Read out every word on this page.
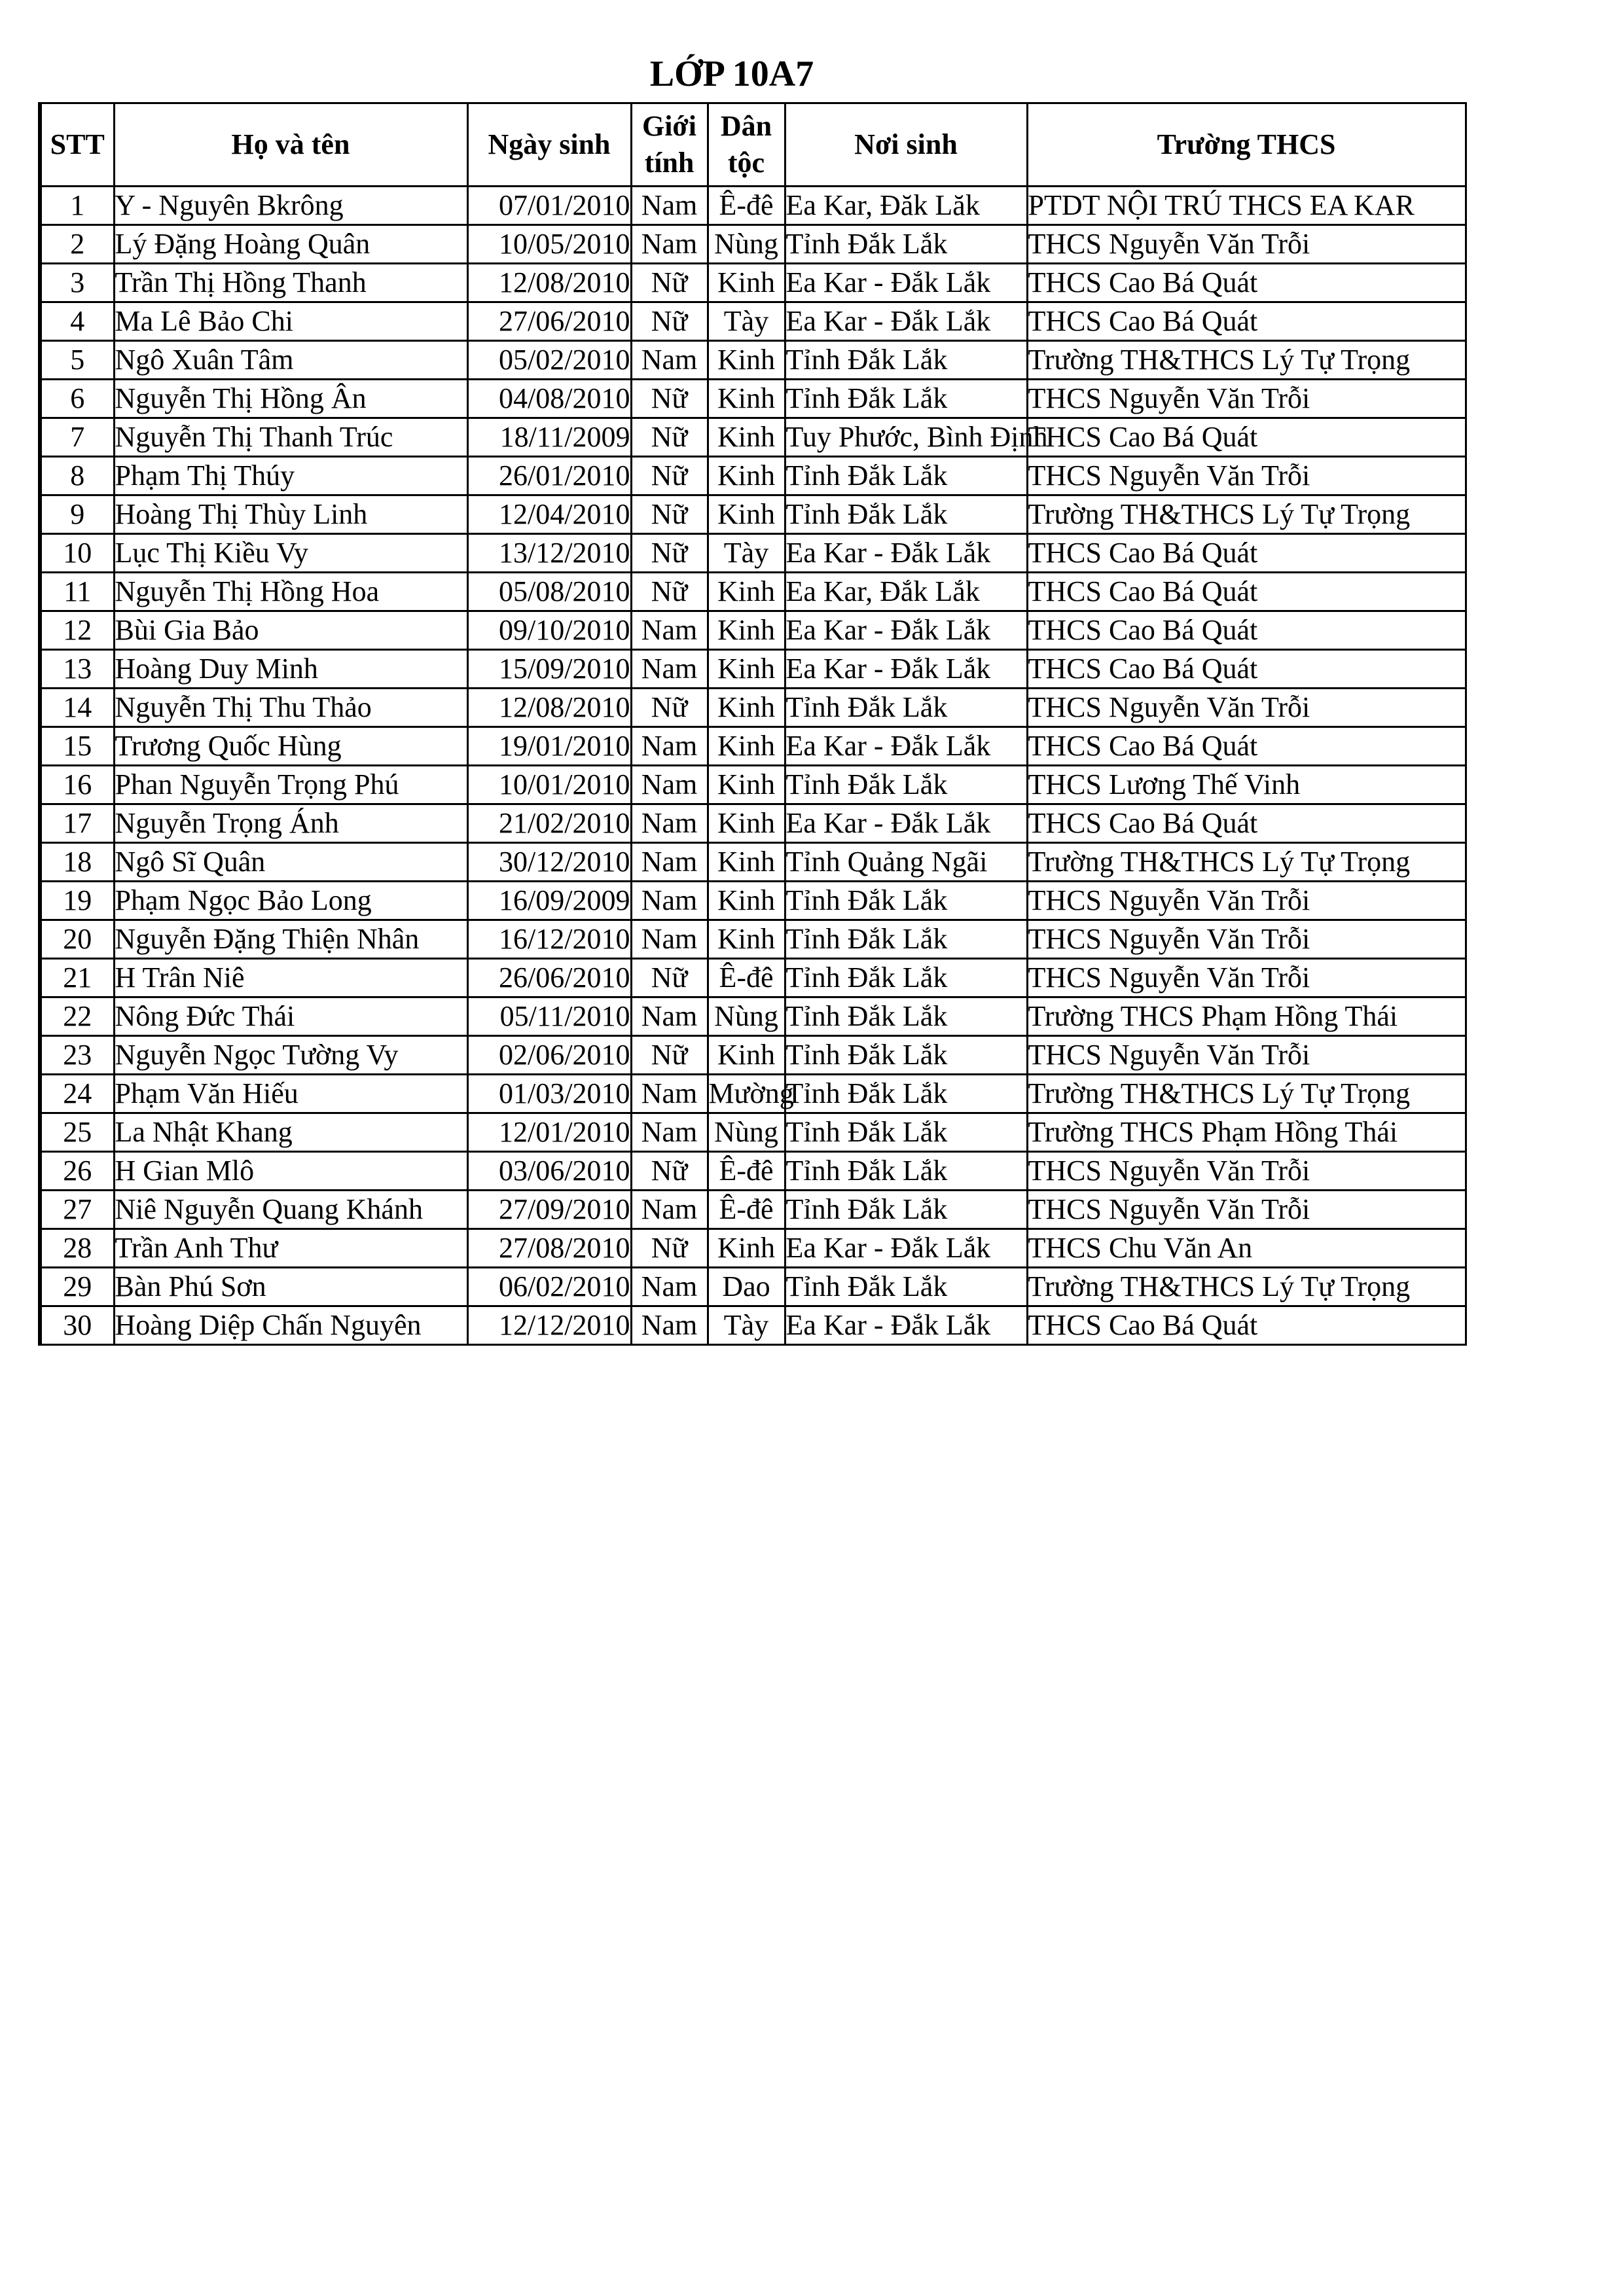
LỚP 10A7
STT	Họ và tên	Ngày sinh	Giới tính	Dân tộc	Nơi sinh	Trường THCS
1	Y - Nguyên Bkrông	07/01/2010	Nam	Ê-đê	Ea Kar, Đăk Lăk	PTDT NỘI TRÚ THCS EA KAR
2	Lý Đặng Hoàng Quân	10/05/2010	Nam	Nùng	Tỉnh Đắk Lắk	THCS Nguyễn Văn Trỗi
3	Trần Thị Hồng Thanh	12/08/2010	Nữ	Kinh	Ea Kar - Đắk Lắk	THCS Cao Bá Quát
4	Ma Lê Bảo Chi	27/06/2010	Nữ	Tày	Ea Kar - Đắk Lắk	THCS Cao Bá Quát
5	Ngô Xuân Tâm	05/02/2010	Nam	Kinh	Tỉnh Đắk Lắk	Trường TH&THCS Lý Tự Trọng
6	Nguyễn Thị Hồng Ân	04/08/2010	Nữ	Kinh	Tỉnh Đắk Lắk	THCS Nguyễn Văn Trỗi
7	Nguyễn Thị Thanh Trúc	18/11/2009	Nữ	Kinh	Tuy Phước, Bình Định	THCS Cao Bá Quát
8	Phạm Thị Thúy	26/01/2010	Nữ	Kinh	Tỉnh Đắk Lắk	THCS Nguyễn Văn Trỗi
9	Hoàng Thị Thùy Linh	12/04/2010	Nữ	Kinh	Tỉnh Đắk Lắk	Trường TH&THCS Lý Tự Trọng
10	Lục Thị Kiều Vy	13/12/2010	Nữ	Tày	Ea Kar - Đắk Lắk	THCS Cao Bá Quát
11	Nguyễn Thị Hồng Hoa	05/08/2010	Nữ	Kinh	Ea Kar, Đắk Lắk	THCS Cao Bá Quát
12	Bùi Gia Bảo	09/10/2010	Nam	Kinh	Ea Kar - Đắk Lắk	THCS Cao Bá Quát
13	Hoàng Duy Minh	15/09/2010	Nam	Kinh	Ea Kar - Đắk Lắk	THCS Cao Bá Quát
14	Nguyễn Thị Thu Thảo	12/08/2010	Nữ	Kinh	Tỉnh Đắk Lắk	THCS Nguyễn Văn Trỗi
15	Trương Quốc Hùng	19/01/2010	Nam	Kinh	Ea Kar - Đắk Lắk	THCS Cao Bá Quát
16	Phan Nguyễn Trọng Phú	10/01/2010	Nam	Kinh	Tỉnh Đắk Lắk	THCS Lương Thế Vinh
17	Nguyễn Trọng Ánh	21/02/2010	Nam	Kinh	Ea Kar - Đắk Lắk	THCS Cao Bá Quát
18	Ngô Sĩ Quân	30/12/2010	Nam	Kinh	Tỉnh Quảng Ngãi	Trường TH&THCS Lý Tự Trọng
19	Phạm Ngọc Bảo Long	16/09/2009	Nam	Kinh	Tỉnh Đắk Lắk	THCS Nguyễn Văn Trỗi
20	Nguyễn Đặng Thiện Nhân	16/12/2010	Nam	Kinh	Tỉnh Đắk Lắk	THCS Nguyễn Văn Trỗi
21	H Trân Niê	26/06/2010	Nữ	Ê-đê	Tỉnh Đắk Lắk	THCS Nguyễn Văn Trỗi
22	Nông Đức Thái	05/11/2010	Nam	Nùng	Tỉnh Đắk Lắk	Trường THCS Phạm Hồng Thái
23	Nguyễn Ngọc Tường Vy	02/06/2010	Nữ	Kinh	Tỉnh Đắk Lắk	THCS Nguyễn Văn Trỗi
24	Phạm Văn Hiếu	01/03/2010	Nam	Mường	Tỉnh Đắk Lắk	Trường TH&THCS Lý Tự Trọng
25	La Nhật Khang	12/01/2010	Nam	Nùng	Tỉnh Đắk Lắk	Trường THCS Phạm Hồng Thái
26	H Gian Mlô	03/06/2010	Nữ	Ê-đê	Tỉnh Đắk Lắk	THCS Nguyễn Văn Trỗi
27	Niê Nguyễn Quang Khánh	27/09/2010	Nam	Ê-đê	Tỉnh Đắk Lắk	THCS Nguyễn Văn Trỗi
28	Trần Anh Thư	27/08/2010	Nữ	Kinh	Ea Kar - Đắk Lắk	THCS Chu Văn An
29	Bàn Phú Sơn	06/02/2010	Nam	Dao	Tỉnh Đắk Lắk	Trường TH&THCS Lý Tự Trọng
30	Hoàng Diệp Chấn Nguyên	12/12/2010	Nam	Tày	Ea Kar - Đắk Lắk	THCS Cao Bá Quát
